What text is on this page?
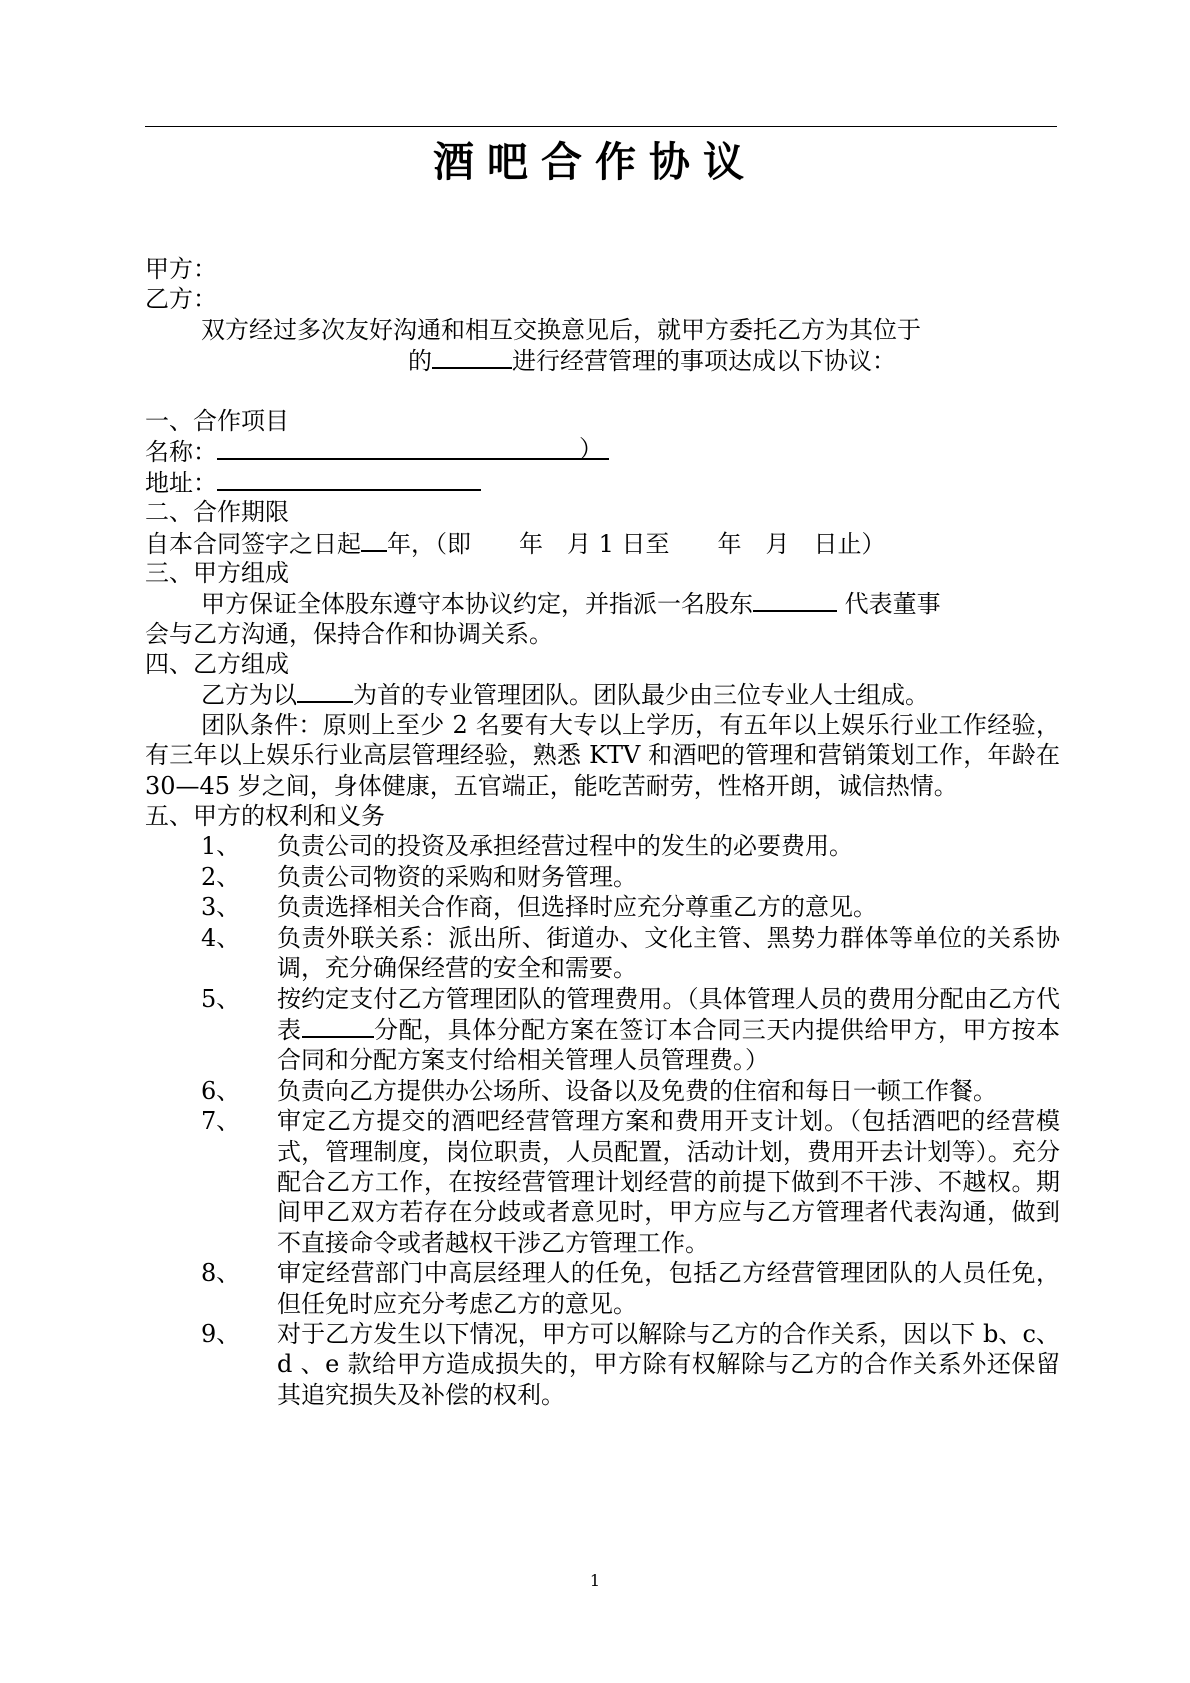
酒吧合作协议
甲方：
乙方：
双方经过多次友好沟通和相互交换意见后，就甲方委托乙方为其位于
的	进行经营管理的事项达成以下协议：
一、合作项目
名称：	）
地址：
二、合作期限
自本合同签字之日起 年，（即　　年　月 1 日至　　年　月　日止）
三、甲方组成
甲方保证全体股东遵守本协议约定，并指派一名股东	代表董事
会与乙方沟通，保持合作和协调关系。
四、乙方组成
乙方为以 为首的专业管理团队。团队最少由三位专业人士组成。
团队条件：原则上至少 2 名要有大专以上学历，有五年以上娱乐行业工作经验，有三年以上娱乐行业高层管理经验，熟悉 KTV 和酒吧的管理和营销策划工作，年龄在 30—45 岁之间，身体健康，五官端正，能吃苦耐劳，性格开朗，诚信热情。
五、甲方的权利和义务
1、	负责公司的投资及承担经营过程中的发生的必要费用。
2、	负责公司物资的采购和财务管理。
3、	负责选择相关合作商，但选择时应充分尊重乙方的意见。
4、	负责外联关系：派出所、街道办、文化主管、黑势力群体等单位的关系协调，充分确保经营的安全和需要。
5、	按约定支付乙方管理团队的管理费用。（具体管理人员的费用分配由乙方代表	分配，具体分配方案在签订本合同三天内提供给甲方，甲方按本合同和分配方案支付给相关管理人员管理费。）
6、	负责向乙方提供办公场所、设备以及免费的住宿和每日一顿工作餐。
7、	审定乙方提交的酒吧经营管理方案和费用开支计划。（包括酒吧的经营模式，管理制度，岗位职责，人员配置，活动计划，费用开去计划等）。充分配合乙方工作，在按经营管理计划经营的前提下做到不干涉、不越权。期间甲乙双方若存在分歧或者意见时，甲方应与乙方管理者代表沟通，做到不直接命令或者越权干涉乙方管理工作。
8、	审定经营部门中高层经理人的任免，包括乙方经营管理团队的人员任免，但任免时应充分考虑乙方的意见。
9、	对于乙方发生以下情况，甲方可以解除与乙方的合作关系，因以下 b、c、d 、e 款给甲方造成损失的，甲方除有权解除与乙方的合作关系外还保留其追究损失及补偿的权利。
1
